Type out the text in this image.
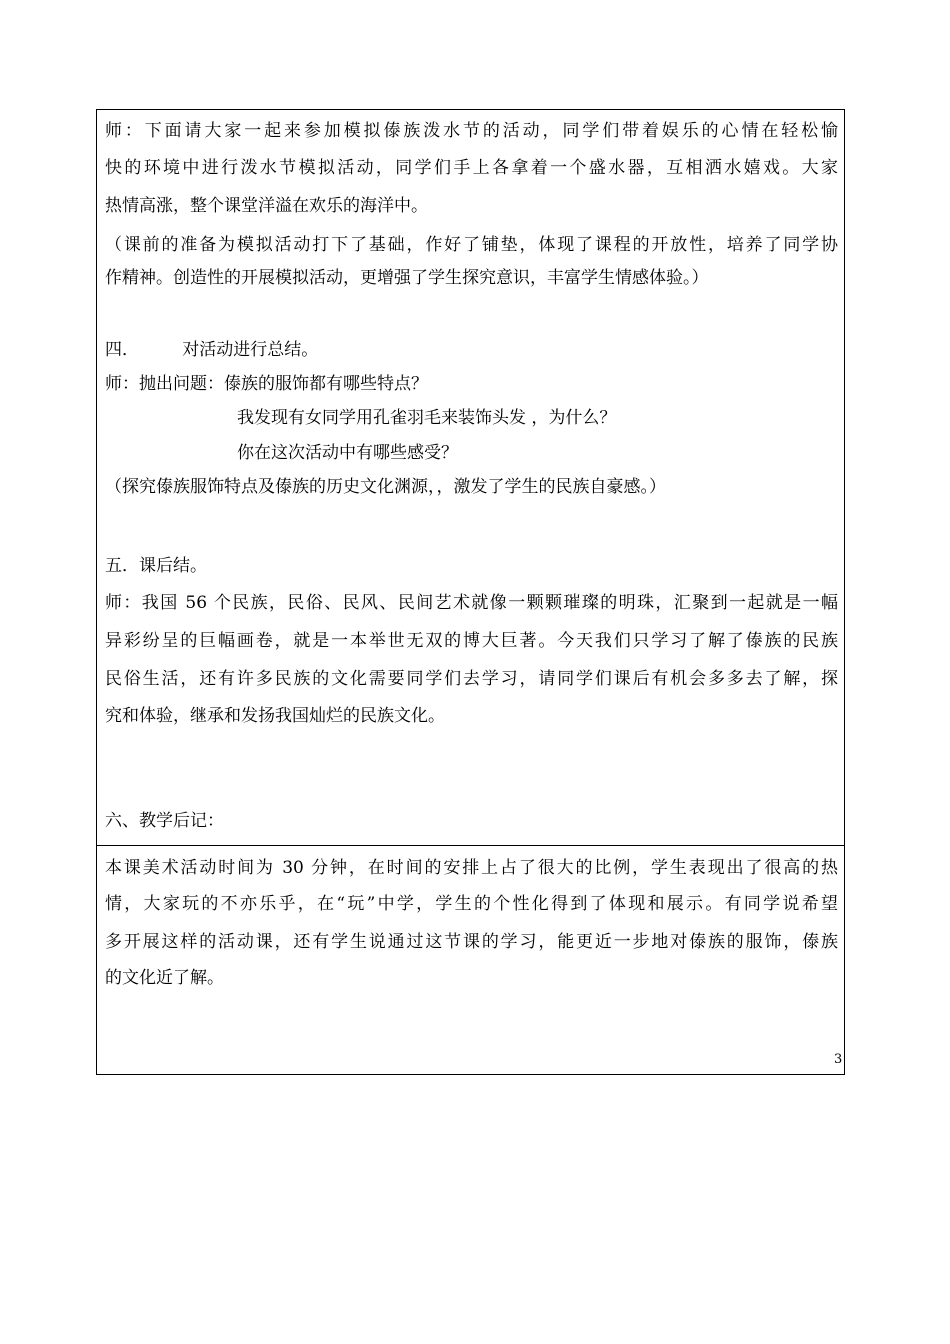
师：下面请大家一起来参加模拟傣族泼水节的活动，同学们带着娱乐的心情在轻松愉
快的环境中进行泼水节模拟活动，同学们手上各拿着一个盛水器，互相洒水嬉戏。大家
热情高涨，整个课堂洋溢在欢乐的海洋中。
（课前的准备为模拟活动打下了基础，作好了铺垫，体现了课程的开放性，培养了同学协
作精神。创造性的开展模拟活动，更增强了学生探究意识，丰富学生情感体验。）
四．        对活动进行总结。
师：抛出问题：傣族的服饰都有哪些特点？
我发现有女同学用孔雀羽毛来装饰头发 ，为什么？
你在这次活动中有哪些感受？
（探究傣族服饰特点及傣族的历史文化渊源，，激发了学生的民族自豪感。）
五．课后结。
师：我国 56 个民族，民俗、民风、民间艺术就像一颗颗璀璨的明珠，汇聚到一起就是一幅
异彩纷呈的巨幅画卷，就是一本举世无双的博大巨著。今天我们只学习了解了傣族的民族
民俗生活，还有许多民族的文化需要同学们去学习，请同学们课后有机会多多去了解，探
究和体验，继承和发扬我国灿烂的民族文化。
六、教学后记：
本课美术活动时间为 30 分钟，在时间的安排上占了很大的比例，学生表现出了很高的热
情，大家玩的不亦乐乎，在“玩”中学，学生的个性化得到了体现和展示。有同学说希望
多开展这样的活动课，还有学生说通过这节课的学习，能更近一步地对傣族的服饰，傣族
的文化近了解。
3
